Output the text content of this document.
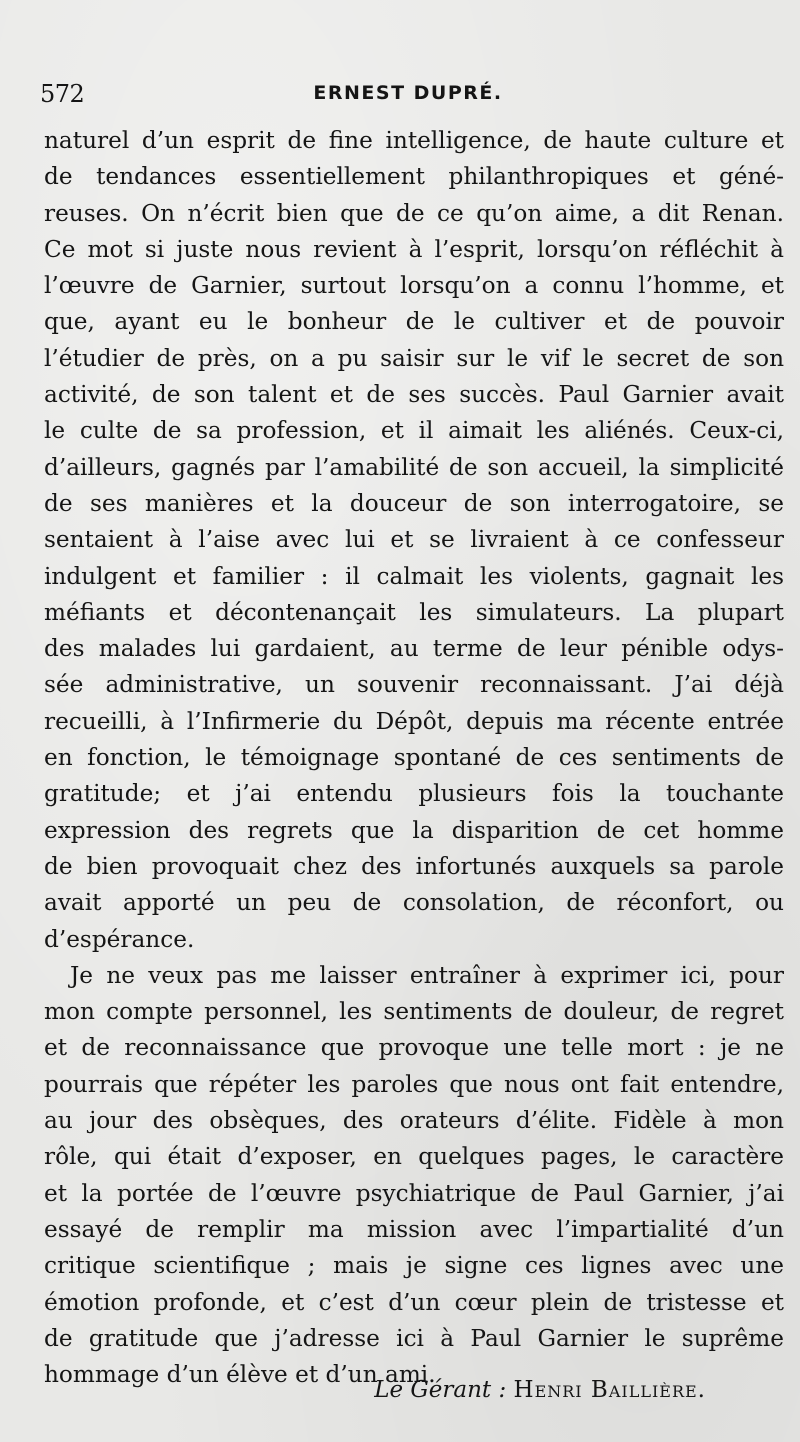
572	ERNEST DUPRÉ.
naturel d’un esprit de fine intelligence, de haute culture et
de tendances essentiellement philanthropiques et géné-
reuses. On n’écrit bien que de ce qu’on aime, a dit Renan.
Ce mot si juste nous revient à l’esprit, lorsqu’on réfléchit à
l’œuvre de Garnier, surtout lorsqu’on a connu l’homme, et
que, ayant eu le bonheur de le cultiver et de pouvoir
l’étudier de près, on a pu saisir sur le vif le secret de son
activité, de son talent et de ses succès. Paul Garnier avait
le culte de sa profession, et il aimait les aliénés. Ceux-ci,
d’ailleurs, gagnés par l’amabilité de son accueil, la simplicité
de ses manières et la douceur de son interrogatoire, se
sentaient à l’aise avec lui et se livraient à ce confesseur
indulgent et familier : il calmait les violents, gagnait les
méfiants et décontenançait les simulateurs. La plupart
des malades lui gardaient, au terme de leur pénible odys-
sée administrative, un souvenir reconnaissant. J’ai déjà
recueilli, à l’Infirmerie du Dépôt, depuis ma récente entrée
en fonction, le témoignage spontané de ces sentiments de
gratitude; et j’ai entendu plusieurs fois la touchante
expression des regrets que la disparition de cet homme
de bien provoquait chez des infortunés auxquels sa parole
avait apporté un peu de consolation, de réconfort, ou
d’espérance.
Je ne veux pas me laisser entraîner à exprimer ici, pour
mon compte personnel, les sentiments de douleur, de regret
et de reconnaissance que provoque une telle mort : je ne
pourrais que répéter les paroles que nous ont fait entendre,
au jour des obsèques, des orateurs d’élite. Fidèle à mon
rôle, qui était d’exposer, en quelques pages, le caractère
et la portée de l’œuvre psychiatrique de Paul Garnier, j’ai
essayé de remplir ma mission avec l’impartialité d’un
critique scientifique ; mais je signe ces lignes avec une
émotion profonde, et c’est d’un cœur plein de tristesse et
de gratitude que j’adresse ici à Paul Garnier le suprême
hommage d’un élève et d’un ami.
Le Gérant : Henri Baillière.
